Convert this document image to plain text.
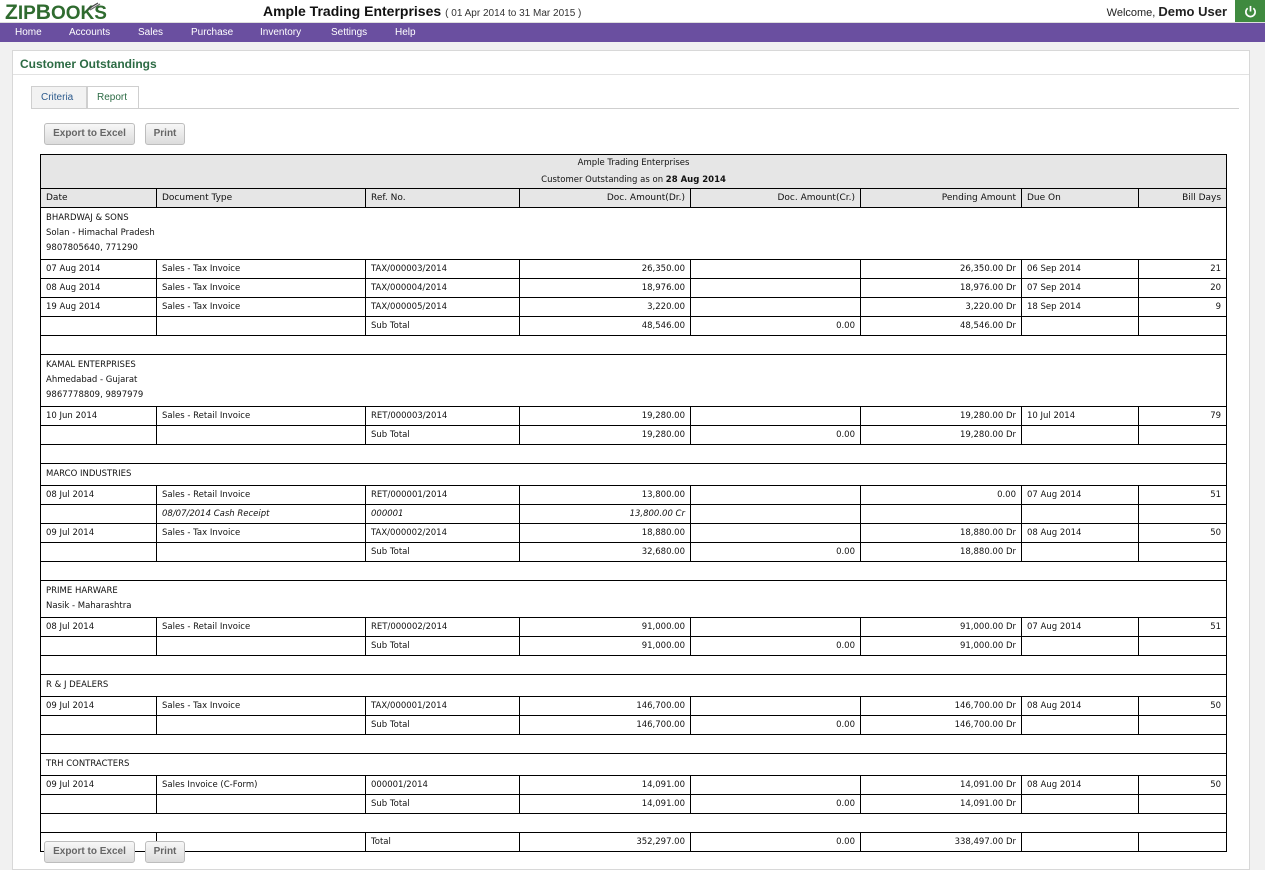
ZIPBOOKS	Ample Trading Enterprises ( 01 Apr 2014 to 31 Mar 2015 )	Welcome, Demo User
Home	Accounts	Sales	Purchase	Inventory	Settings	Help
Customer Outstandings
Criteria	Report
Export to Excel	Print
Ample Trading Enterprises							
Customer Outstanding as on 28 Aug 2014							
Date	Document Type	Ref. No.	Doc. Amount(Dr.)	Doc. Amount(Cr.)	Pending Amount	Due On	Bill Days

BHARDWAJ & SONS
Solan - Himachal Pradesh
9807805640, 771290							

07 Aug 2014	Sales - Tax Invoice	TAX/000003/2014	26,350.00		26,350.00 Dr	06 Sep 2014	21
08 Aug 2014	Sales - Tax Invoice	TAX/000004/2014	18,976.00		18,976.00 Dr	07 Sep 2014	20
19 Aug 2014	Sales - Tax Invoice	TAX/000005/2014	3,220.00		3,220.00 Dr	18 Sep 2014	9
		Sub Total	48,546.00	0.00	48,546.00 Dr		

KAMAL ENTERPRISES
Ahmedabad - Gujarat
9867778809, 9897979							

10 Jun 2014	Sales - Retail Invoice	RET/000003/2014	19,280.00		19,280.00 Dr	10 Jul 2014	79
		Sub Total	19,280.00	0.00	19,280.00 Dr		

MARCO INDUSTRIES							

08 Jul 2014	Sales - Retail Invoice	RET/000001/2014	13,800.00		0.00	07 Aug 2014	51
	08/07/2014 Cash Receipt	000001	13,800.00 Cr				
09 Jul 2014	Sales - Tax Invoice	TAX/000002/2014	18,880.00		18,880.00 Dr	08 Aug 2014	50
		Sub Total	32,680.00	0.00	18,880.00 Dr		

PRIME HARWARE
Nasik - Maharashtra							

08 Jul 2014	Sales - Retail Invoice	RET/000002/2014	91,000.00		91,000.00 Dr	07 Aug 2014	51
		Sub Total	91,000.00	0.00	91,000.00 Dr		

R & J DEALERS							

09 Jul 2014	Sales - Tax Invoice	TAX/000001/2014	146,700.00		146,700.00 Dr	08 Aug 2014	50
		Sub Total	146,700.00	0.00	146,700.00 Dr		

TRH CONTRACTERS							

09 Jul 2014	Sales Invoice (C-Form)	000001/2014	14,091.00		14,091.00 Dr	08 Aug 2014	50
		Sub Total	14,091.00	0.00	14,091.00 Dr		

		Total	352,297.00	0.00	338,497.00 Dr		
Export to Excel	Print
